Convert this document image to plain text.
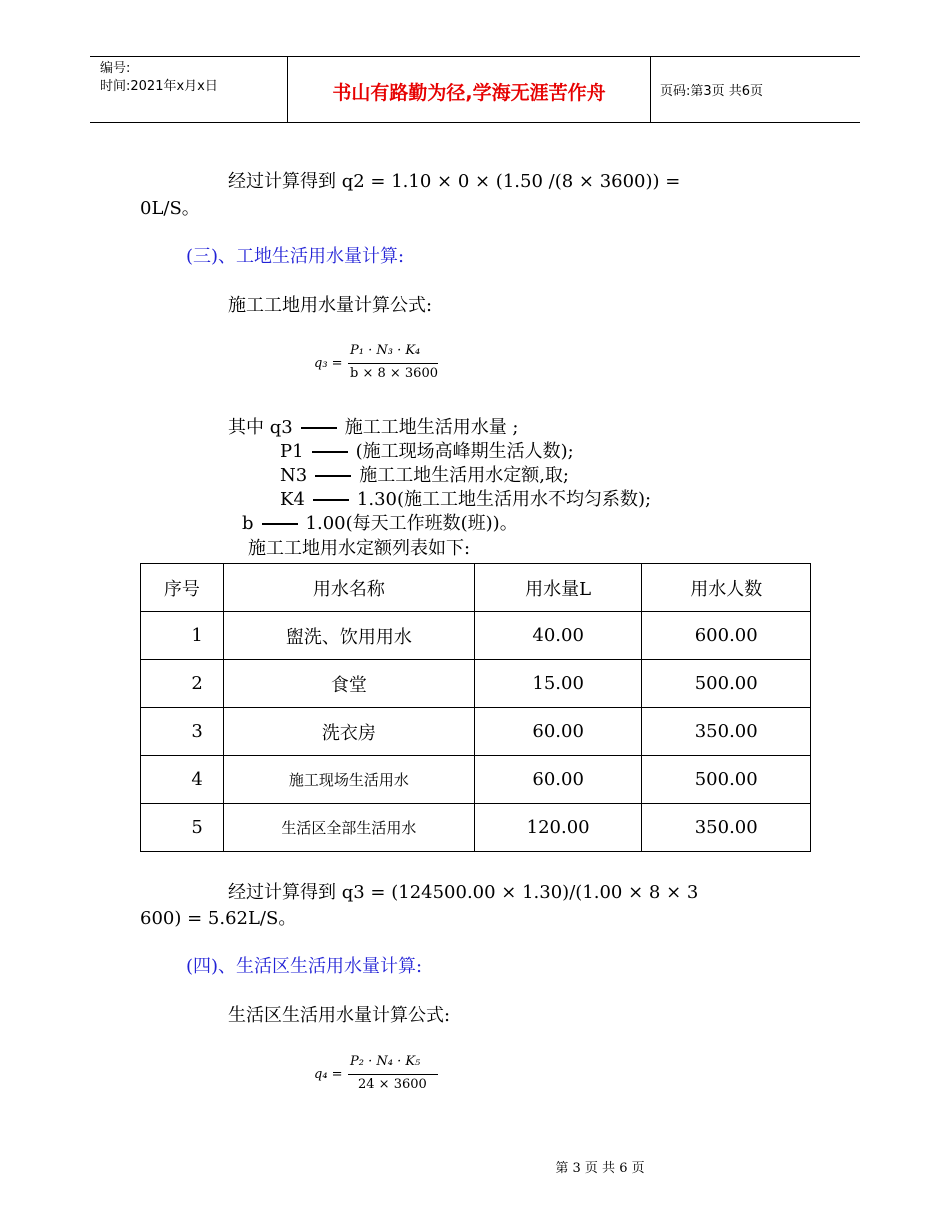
编号:
时间:2021年x月x日	书山有路勤为径,学海无涯苦作舟	页码:第3页 共6页
经过计算得到 q2 = 1.10 × 0 × (1.50 /(8 × 3600)) =
0L/S。
(三)、工地生活用水量计算:
施工工地用水量计算公式:
q₃ =
P₁ · N₃ · K₄
b × 8 × 3600
其中 q3	施工工地生活用水量 ;
P1	(施工现场高峰期生活人数);
N3	施工工地生活用水定额,取;
K4	1.30(施工工地生活用水不均匀系数);
b	1.00(每天工作班数(班))。
施工工地用水定额列表如下:
序号	用水名称	用水量L	用水人数
1	盥洗、饮用用水	40.00	600.00
2	食堂	15.00	500.00
3	洗衣房	60.00	350.00
4	施工现场生活用水	60.00	500.00
5	生活区全部生活用水	120.00	350.00
经过计算得到 q3 = (124500.00 × 1.30)/(1.00 × 8 × 3
600) = 5.62L/S。
(四)、生活区生活用水量计算:
生活区生活用水量计算公式:
q₄ =
P₂ · N₄ · K₅
24 × 3600
第 3 页 共 6 页
